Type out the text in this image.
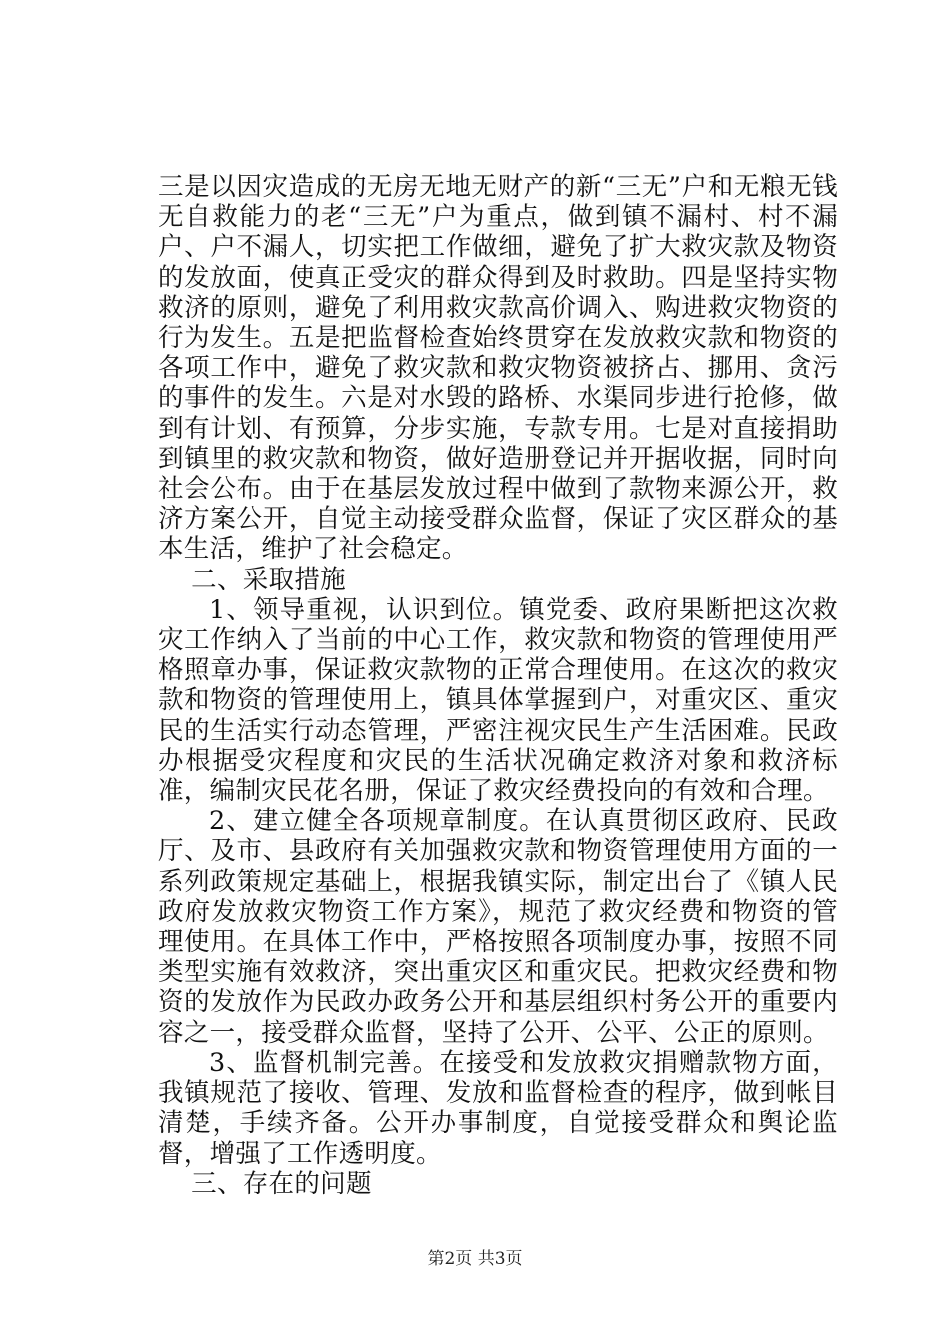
三是以因灾造成的无房无地无财产的新“三无”户和无粮无钱无自救能力的老“三无”户为重点，做到镇不漏村、村不漏户、户不漏人，切实把工作做细，避免了扩大救灾款及物资的发放面，使真正受灾的群众得到及时救助。四是坚持实物救济的原则，避免了利用救灾款高价调入、购进救灾物资的行为发生。五是把监督检查始终贯穿在发放救灾款和物资的各项工作中，避免了救灾款和救灾物资被挤占、挪用、贪污的事件的发生。六是对水毁的路桥、水渠同步进行抢修，做到有计划、有预算，分步实施，专款专用。七是对直接捐助到镇里的救灾款和物资，做好造册登记并开据收据，同时向社会公布。由于在基层发放过程中做到了款物来源公开，救济方案公开，自觉主动接受群众监督，保证了灾区群众的基本生活，维护了社会稳定。

二、采取措施

1、领导重视，认识到位。镇党委、政府果断把这次救灾工作纳入了当前的中心工作，救灾款和物资的管理使用严格照章办事，保证救灾款物的正常合理使用。在这次的救灾款和物资的管理使用上，镇具体掌握到户，对重灾区、重灾民的生活实行动态管理，严密注视灾民生产生活困难。民政办根据受灾程度和灾民的生活状况确定救济对象和救济标准，编制灾民花名册，保证了救灾经费投向的有效和合理。

2、建立健全各项规章制度。在认真贯彻区政府、民政厅、及市、县政府有关加强救灾款和物资管理使用方面的一系列政策规定基础上，根据我镇实际，制定出台了《镇人民政府发放救灾物资工作方案》，规范了救灾经费和物资的管理使用。在具体工作中，严格按照各项制度办事，按照不同类型实施有效救济，突出重灾区和重灾民。把救灾经费和物资的发放作为民政办政务公开和基层组织村务公开的重要内容之一，接受群众监督，坚持了公开、公平、公正的原则。

3、监督机制完善。在接受和发放救灾捐赠款物方面，我镇规范了接收、管理、发放和监督检查的程序，做到帐目清楚，手续齐备。公开办事制度，自觉接受群众和舆论监督，增强了工作透明度。

三、存在的问题

第2页 共3页
